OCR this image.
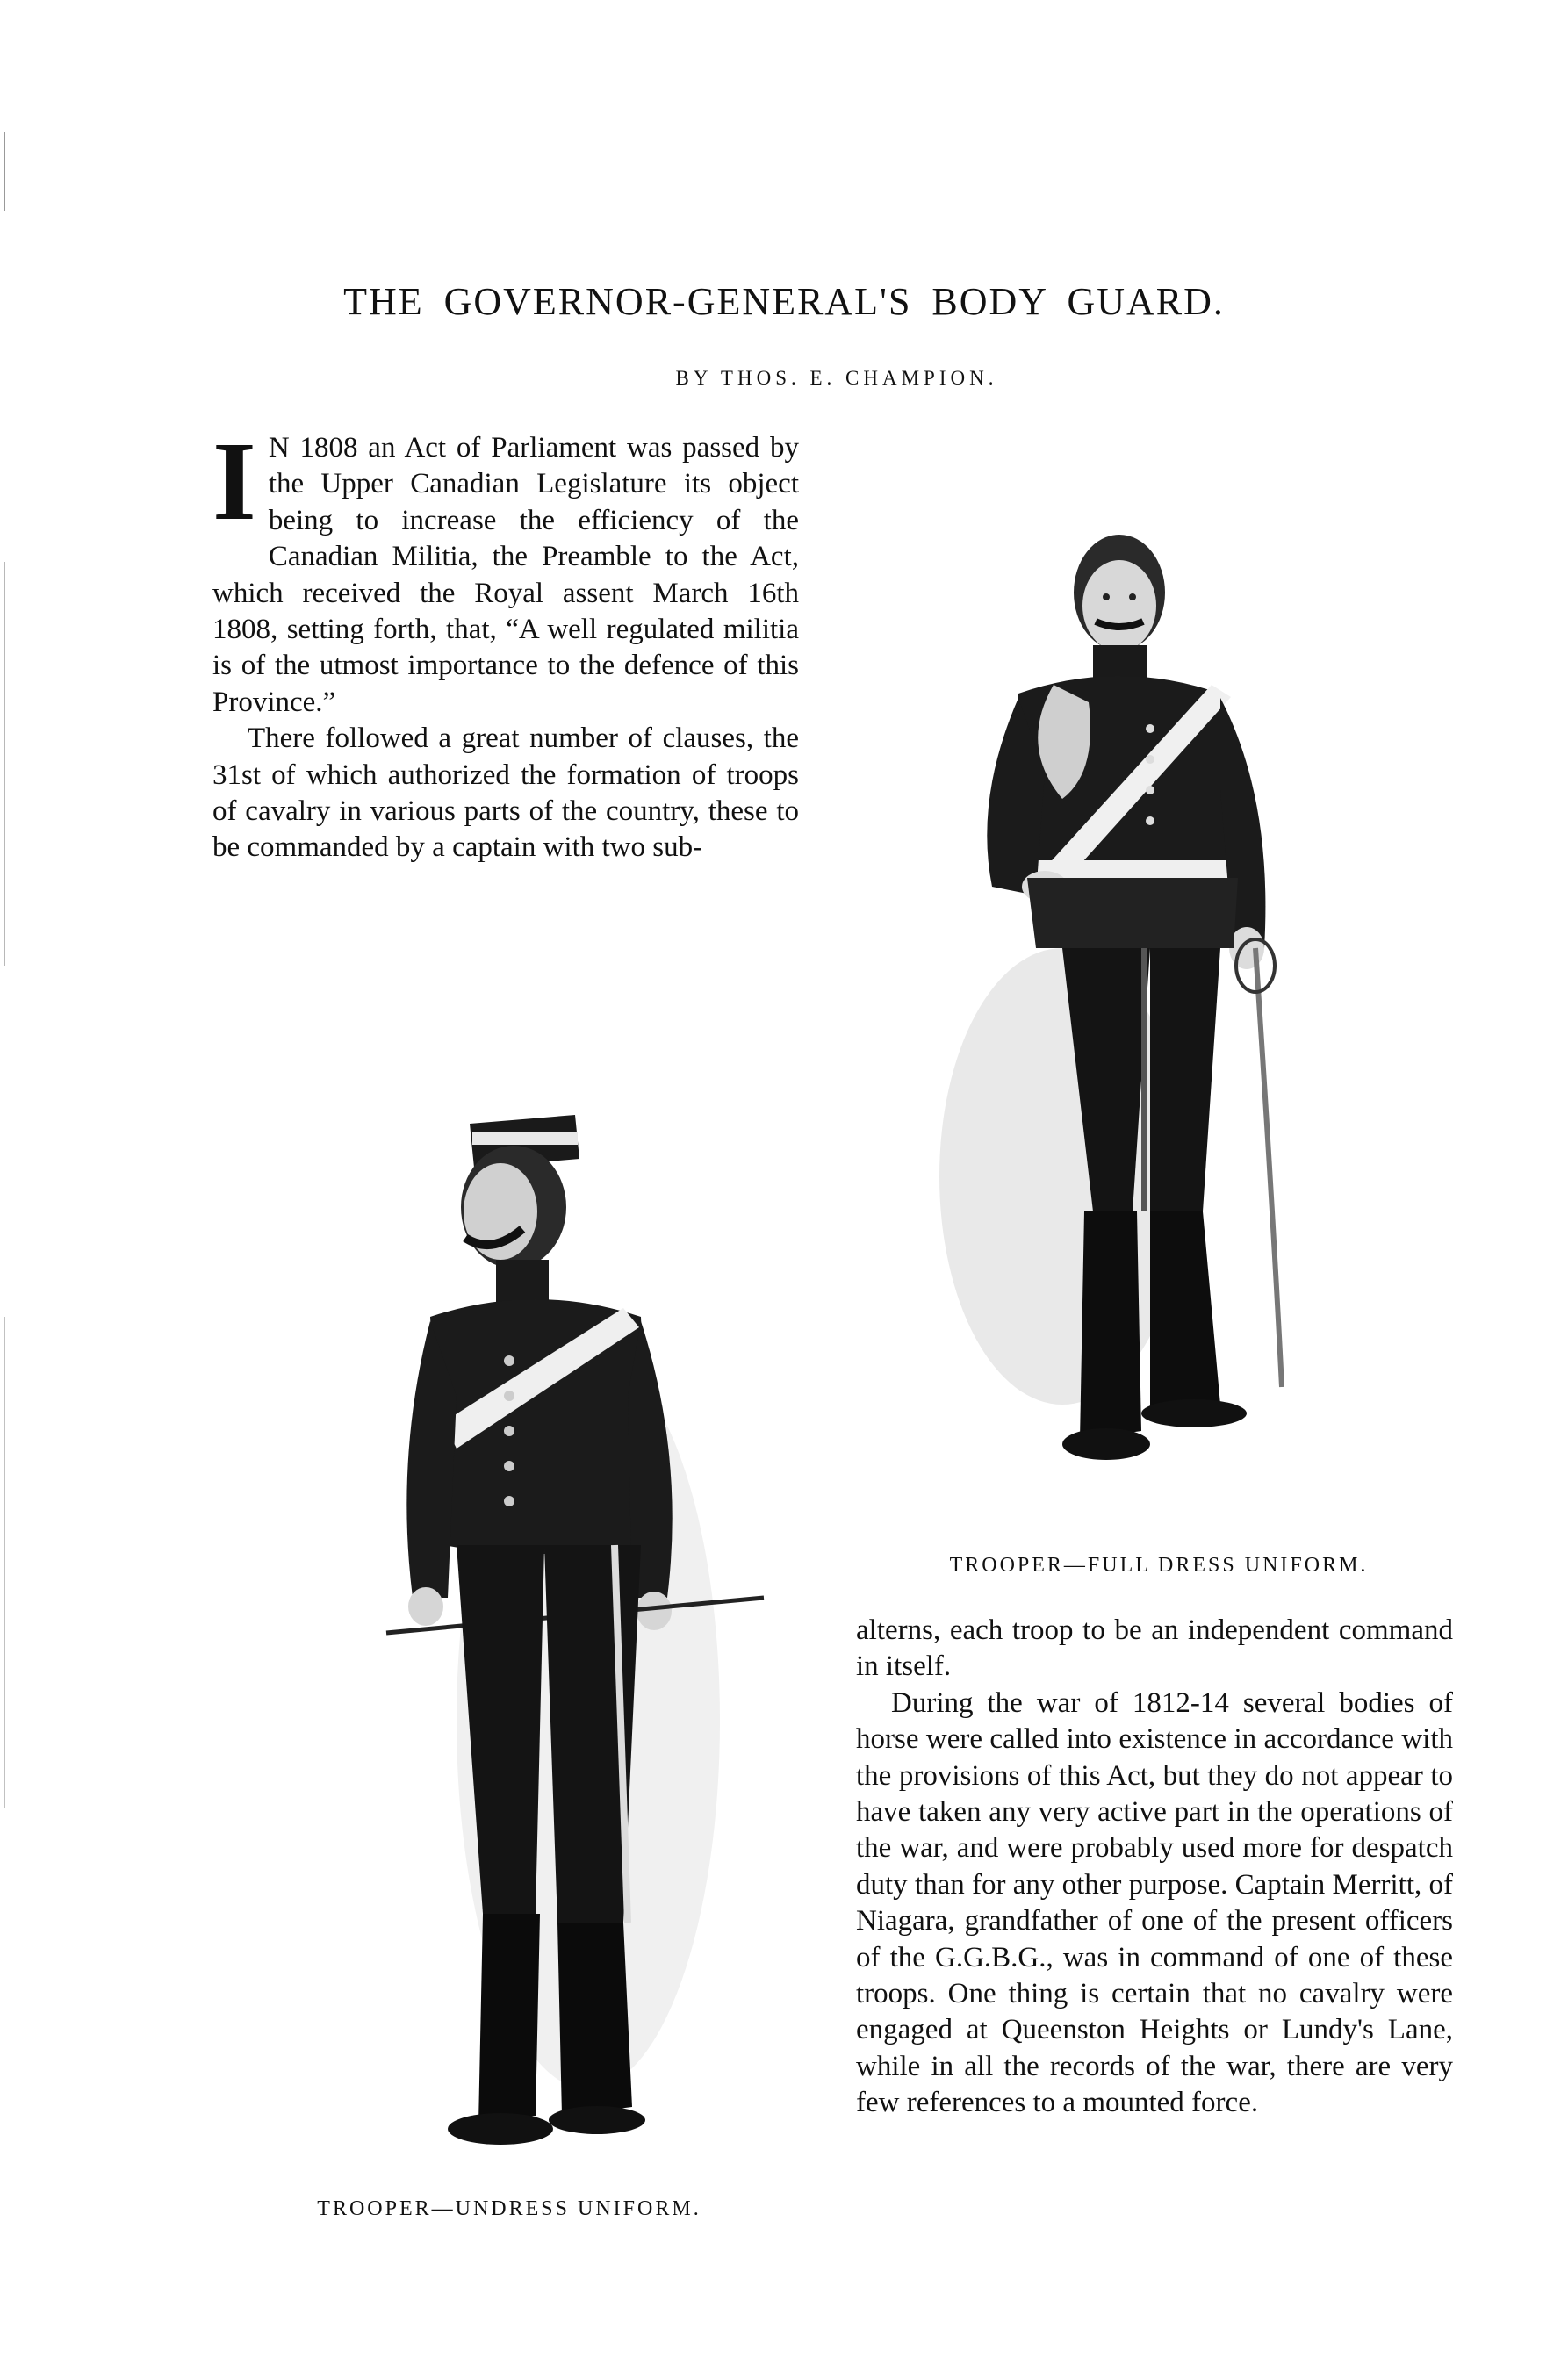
THE GOVERNOR-GENERAL'S BODY GUARD.
BY THOS. E. CHAMPION.

I N 1808 an Act of Parliament was passed by the Upper Canadian Legislature its object being to increase the efficiency of the Canadian Militia, the Preamble to the Act, which received the Royal assent March 16th 1808, setting forth, that, “A well regulated militia is of the utmost importance to the defence of this Province.”

There followed a great number of clauses, the 31st of which authorized the formation of troops of cavalry in various parts of the country, these to be commanded by a captain with two sub-

TROOPER—FULL DRESS UNIFORM.
TROOPER—UNDRESS UNIFORM.

alterns, each troop to be an independent command in itself.

During the war of 1812-14 several bodies of horse were called into existence in accordance with the provisions of this Act, but they do not appear to have taken any very active part in the operations of the war, and were probably used more for despatch duty than for any other purpose. Captain Merritt, of Niagara, grandfather of one of the present officers of the G.G.B.G., was in command of one of these troops. One thing is certain that no cavalry were engaged at Queenston Heights or Lundy's Lane, while in all the records of the war, there are very few references to a mounted force.
